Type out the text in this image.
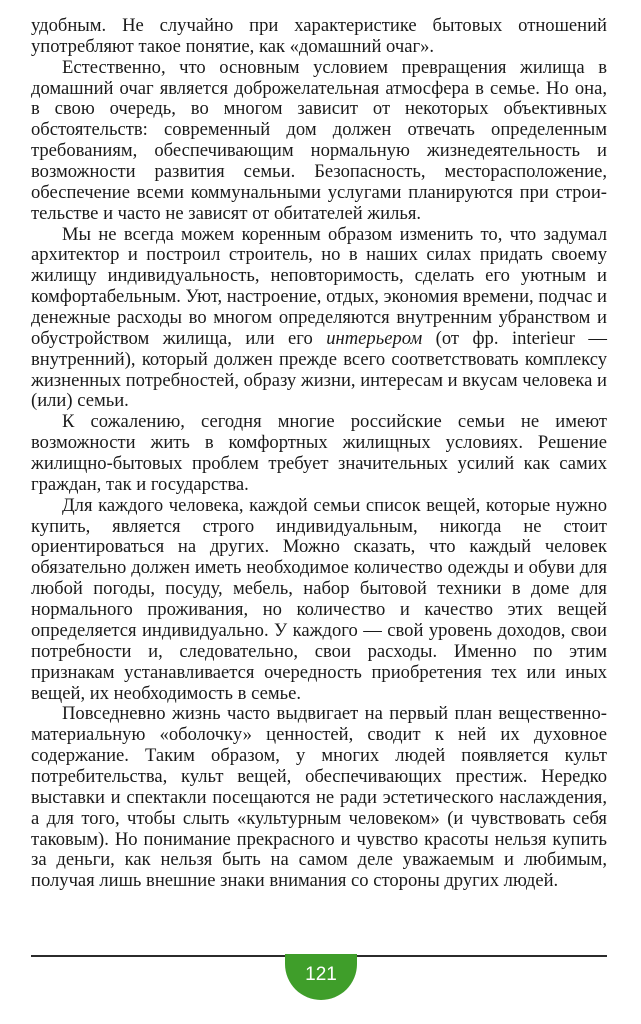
удобным. Не случайно при характеристике бытовых отношений употребляют такое понятие, как «домашний очаг».

Естественно, что основным условием превращения жилища в домашний очаг является доброжелательная атмосфера в семье. Но она, в свою очередь, во многом зависит от некоторых объективных обстоятельств: современный дом должен отвечать определенным требованиям, обеспечивающим нормальную жизнедеятельность и возможности развития семьи. Безопасность, месторасположение, обеспечение всеми коммунальными услугами планируются при строительстве и часто не зависят от обитателей жилья.

Мы не всегда можем коренным образом изменить то, что задумал архитектор и построил строитель, но в наших силах придать своему жилищу индивидуальность, неповторимость, сделать его уютным и комфортабельным. Уют, настроение, отдых, экономия времени, подчас и денежные расходы во многом определяются внутренним убранством и обустройством жилища, или его интерьером (от фр. interieur — внутренний), который должен прежде всего соответствовать комплексу жизненных потребностей, образу жизни, интересам и вкусам человека и (или) семьи.

К сожалению, сегодня многие российские семьи не имеют возможности жить в комфортных жилищных условиях. Решение жилищно-бытовых проблем требует значительных усилий как самих граждан, так и государства.

Для каждого человека, каждой семьи список вещей, которые нужно купить, является строго индивидуальным, никогда не стоит ориентироваться на других. Можно сказать, что каждый человек обязательно должен иметь необходимое количество одежды и обуви для любой погоды, посуду, мебель, набор бытовой техники в доме для нормального проживания, но количество и качество этих вещей определяется индивидуально. У каждого — свой уровень доходов, свои потребности и, следовательно, свои расходы. Именно по этим признакам устанавливается очередность приобретения тех или иных вещей, их необходимость в семье.

Повседневно жизнь часто выдвигает на первый план вещественно-материальную «оболочку» ценностей, сводит к ней их духовное содержание. Таким образом, у многих людей появляется культ потребительства, культ вещей, обеспечивающих престиж. Нередко выставки и спектакли посещаются не ради эстетического наслаждения, а для того, чтобы слыть «культурным человеком» (и чувствовать себя таковым). Но понимание прекрасного и чувство красоты нельзя купить за деньги, как нельзя быть на самом деле уважаемым и любимым, получая лишь внешние знаки внимания со стороны других людей.

121
